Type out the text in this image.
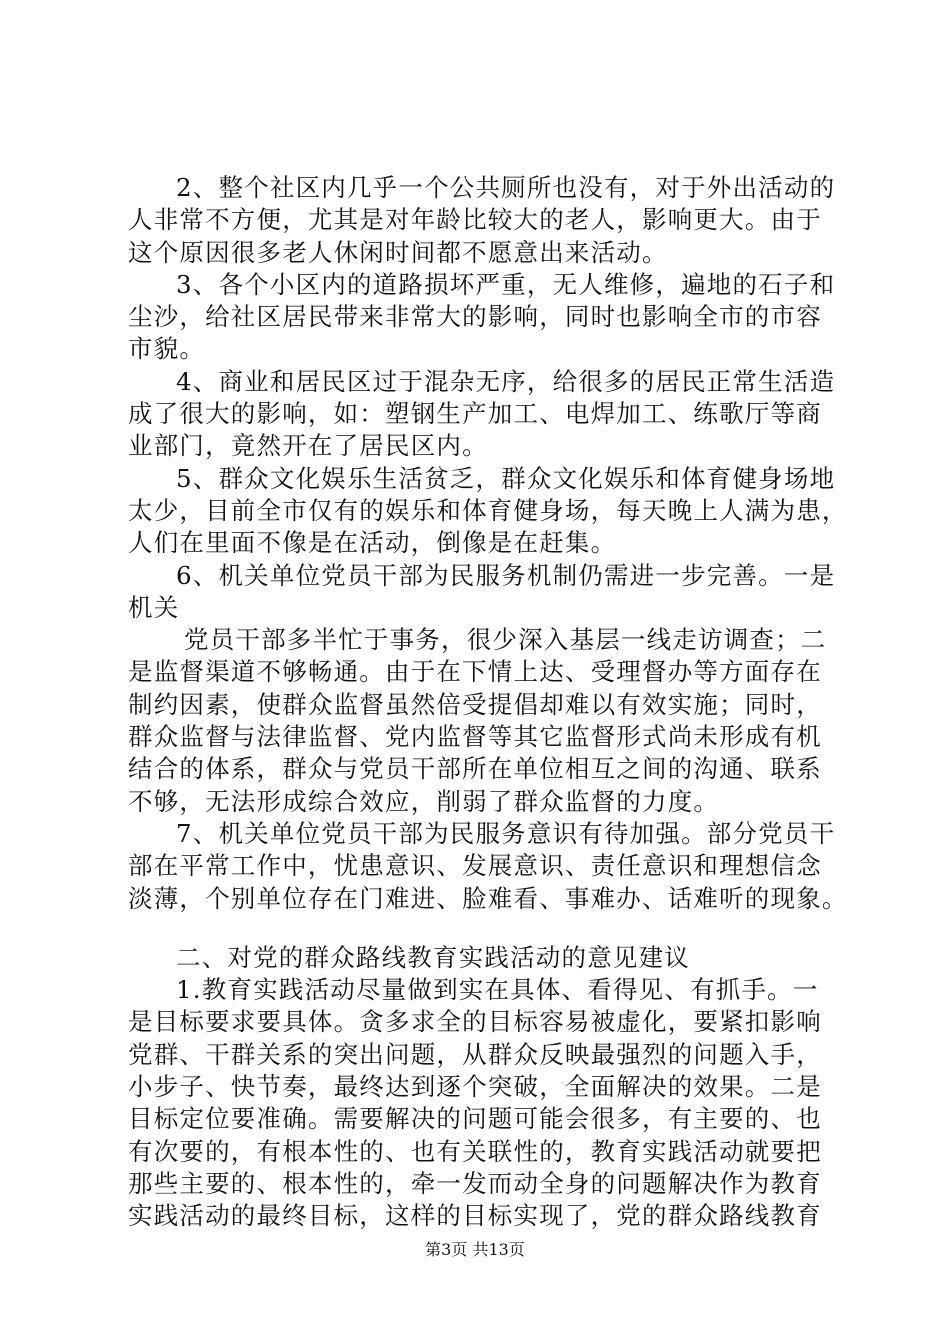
2、整个社区内几乎一个公共厕所也没有，对于外出活动的
人非常不方便，尤其是对年龄比较大的老人，影响更大。由于
这个原因很多老人休闲时间都不愿意出来活动。
3、各个小区内的道路损坏严重，无人维修，遍地的石子和
尘沙，给社区居民带来非常大的影响，同时也影响全市的市容
市貌。
4、商业和居民区过于混杂无序，给很多的居民正常生活造
成了很大的影响，如：塑钢生产加工、电焊加工、练歌厅等商
业部门，竟然开在了居民区内。
5、群众文化娱乐生活贫乏，群众文化娱乐和体育健身场地
太少，目前全市仅有的娱乐和体育健身场，每天晚上人满为患，
人们在里面不像是在活动，倒像是在赶集。
6、机关单位党员干部为民服务机制仍需进一步完善。一是
机关
党员干部多半忙于事务，很少深入基层一线走访调查；二
是监督渠道不够畅通。由于在下情上达、受理督办等方面存在
制约因素，使群众监督虽然倍受提倡却难以有效实施；同时，
群众监督与法律监督、党内监督等其它监督形式尚未形成有机
结合的体系，群众与党员干部所在单位相互之间的沟通、联系
不够，无法形成综合效应，削弱了群众监督的力度。
7、机关单位党员干部为民服务意识有待加强。部分党员干
部在平常工作中，忧患意识、发展意识、责任意识和理想信念
淡薄，个别单位存在门难进、脸难看、事难办、话难听的现象。
二、对党的群众路线教育实践活动的意见建议
1.教育实践活动尽量做到实在具体、看得见、有抓手。一
是目标要求要具体。贪多求全的目标容易被虚化，要紧扣影响
党群、干群关系的突出问题，从群众反映最强烈的问题入手，
小步子、快节奏，最终达到逐个突破，全面解决的效果。二是
目标定位要准确。需要解决的问题可能会很多，有主要的、也
有次要的，有根本性的、也有关联性的，教育实践活动就要把
那些主要的、根本性的，牵一发而动全身的问题解决作为教育
实践活动的最终目标，这样的目标实现了，党的群众路线教育
第3页 共13页
